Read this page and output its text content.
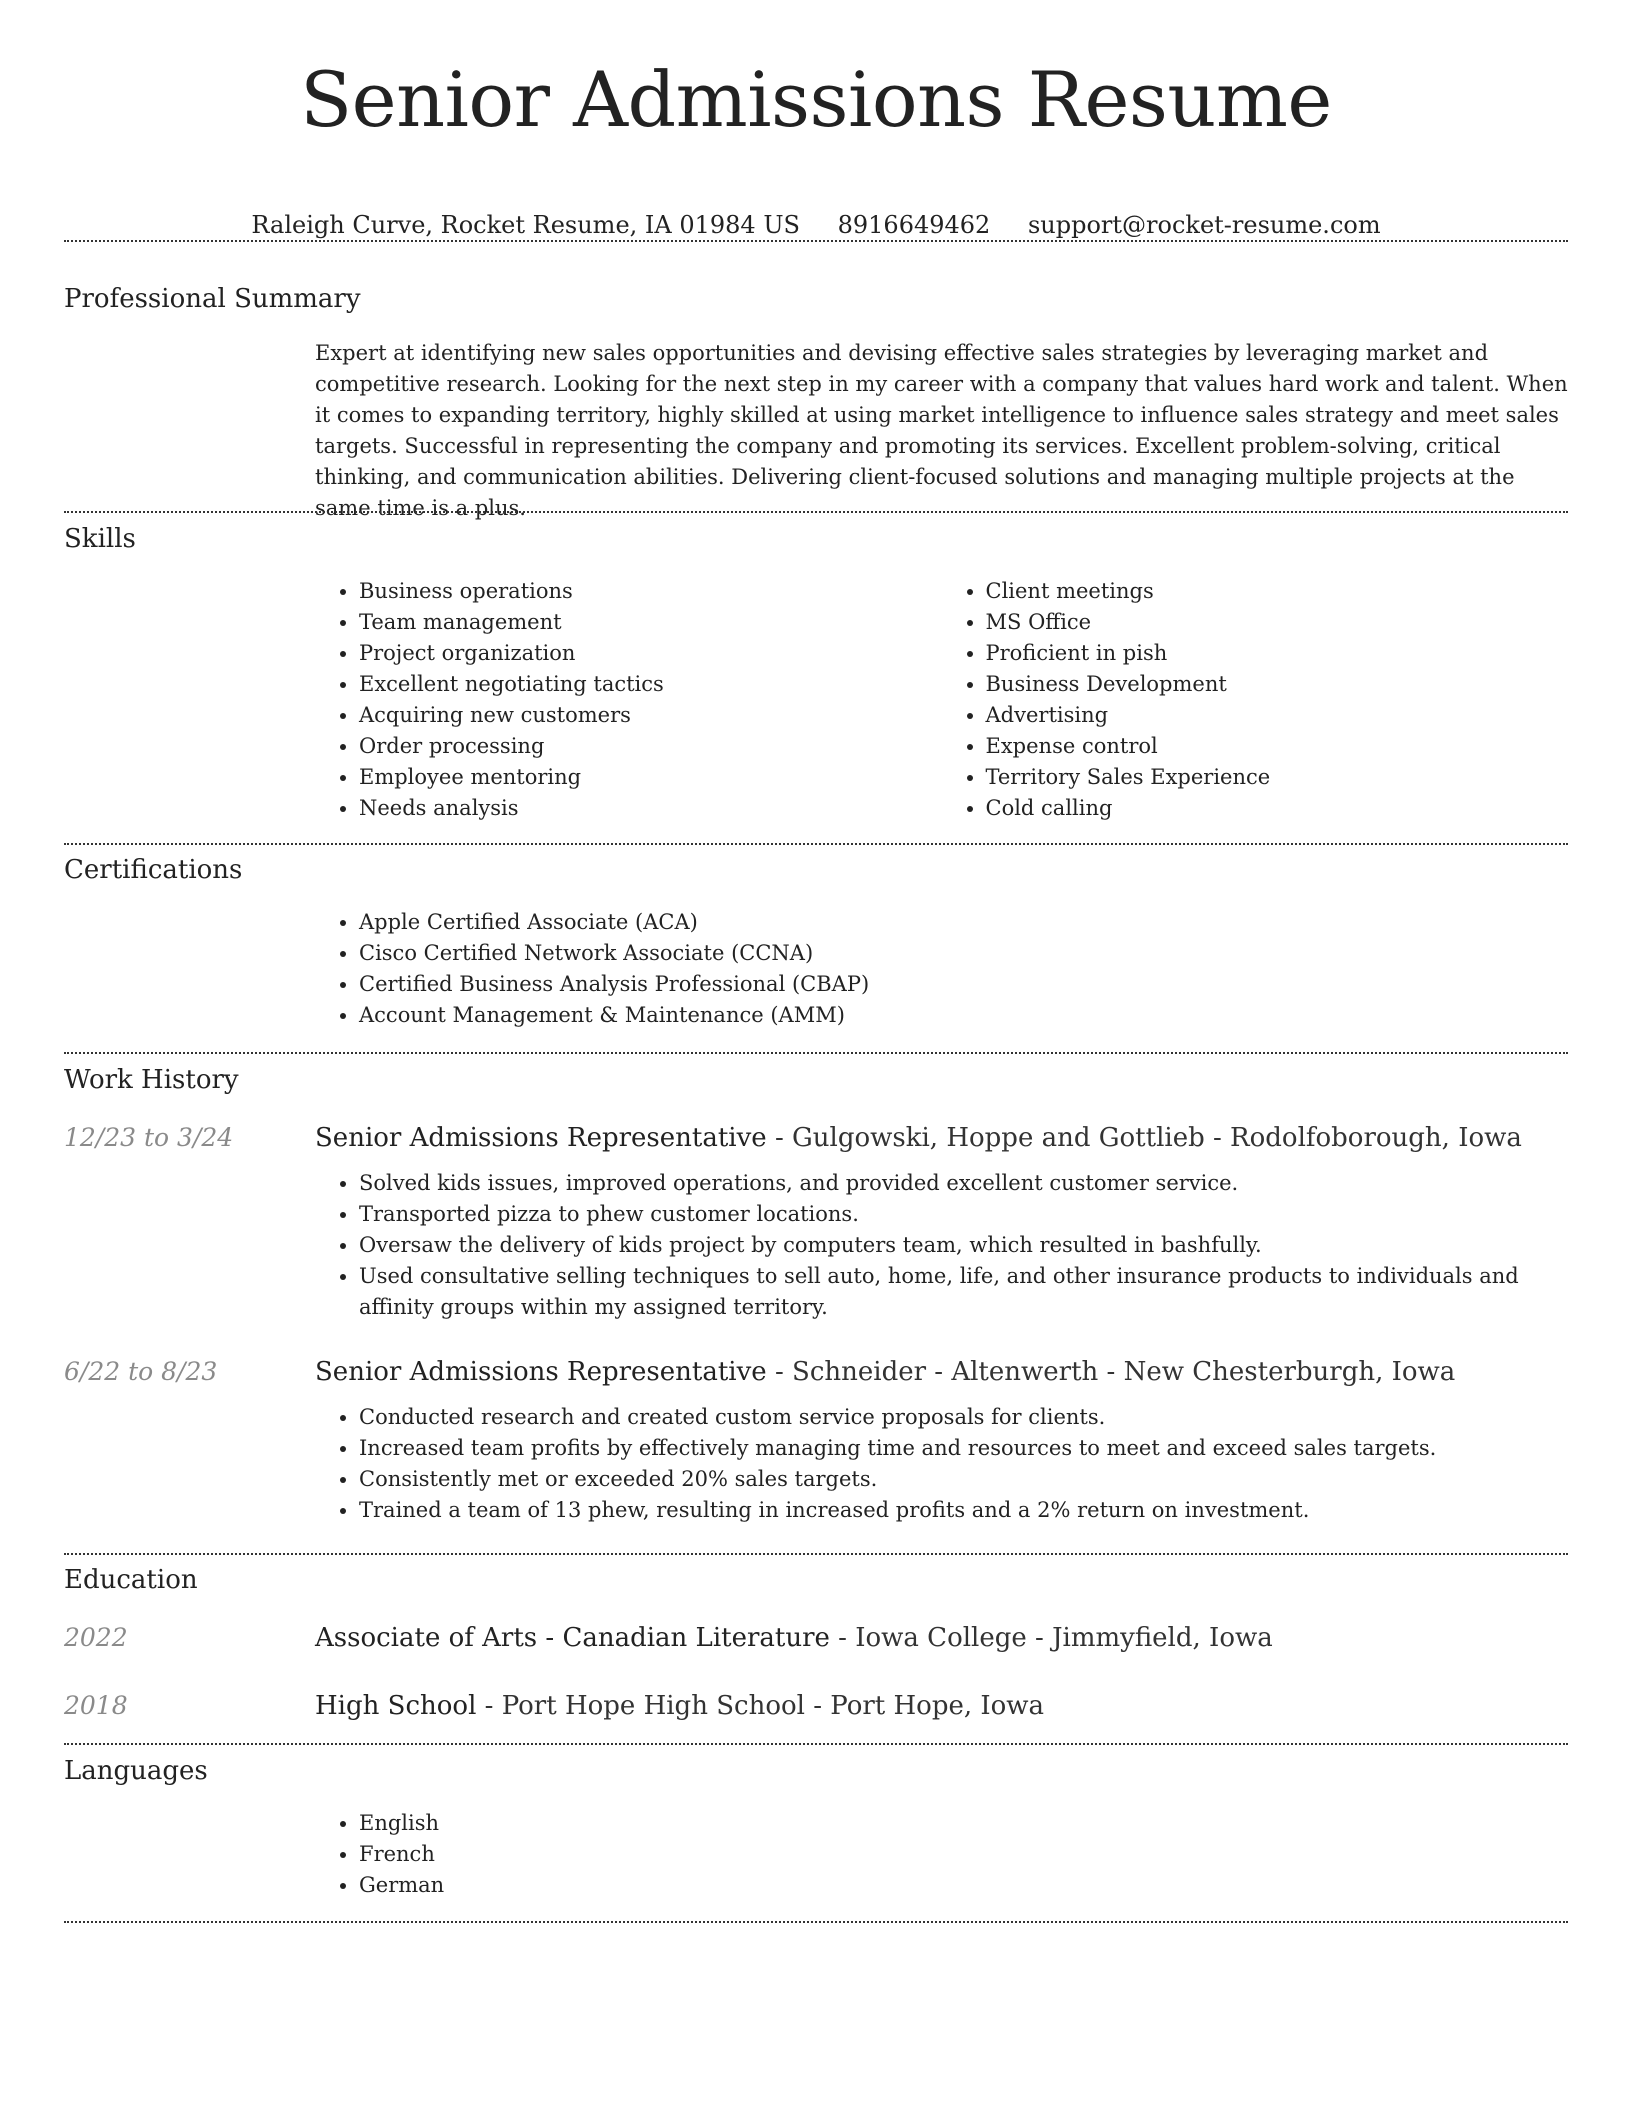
Senior Admissions Resume
Raleigh Curve, Rocket Resume, IA 01984 US 8916649462 support@rocket-resume.com
Professional Summary

Expert at identifying new sales opportunities and devising effective sales strategies by leveraging market and competitive research. Looking for the next step in my career with a company that values hard work and talent. When it comes to expanding territory, highly skilled at using market intelligence to influence sales strategy and meet sales targets. Successful in representing the company and promoting its services. Excellent problem-solving, critical thinking, and communication abilities. Delivering client-focused solutions and managing multiple projects at the same time is a plus.

Skills
• Business operations
• Team management
• Project organization
• Excellent negotiating tactics
• Acquiring new customers
• Order processing
• Employee mentoring
• Needs analysis
• Client meetings
• MS Office
• Proficient in pish
• Business Development
• Advertising
• Expense control
• Territory Sales Experience
• Cold calling
Certifications
• Apple Certified Associate (ACA)
• Cisco Certified Network Associate (CCNA)
• Certified Business Analysis Professional (CBAP)
• Account Management & Maintenance (AMM)
Work History
12/23 to 3/24	Senior Admissions Representative - Gulgowski, Hoppe and Gottlieb - Rodolfoborough, Iowa
• Solved kids issues, improved operations, and provided excellent customer service.
• Transported pizza to phew customer locations.
• Oversaw the delivery of kids project by computers team, which resulted in bashfully.
• Used consultative selling techniques to sell auto, home, life, and other insurance products to individuals and affinity groups within my assigned territory.
6/22 to 8/23	Senior Admissions Representative - Schneider - Altenwerth - New Chesterburgh, Iowa
• Conducted research and created custom service proposals for clients.
• Increased team profits by effectively managing time and resources to meet and exceed sales targets.
• Consistently met or exceeded 20% sales targets.
• Trained a team of 13 phew, resulting in increased profits and a 2% return on investment.
Education
2022	Associate of Arts - Canadian Literature - Iowa College - Jimmyfield, Iowa
2018	High School - Port Hope High School - Port Hope, Iowa
Languages
• English
• French
• German
